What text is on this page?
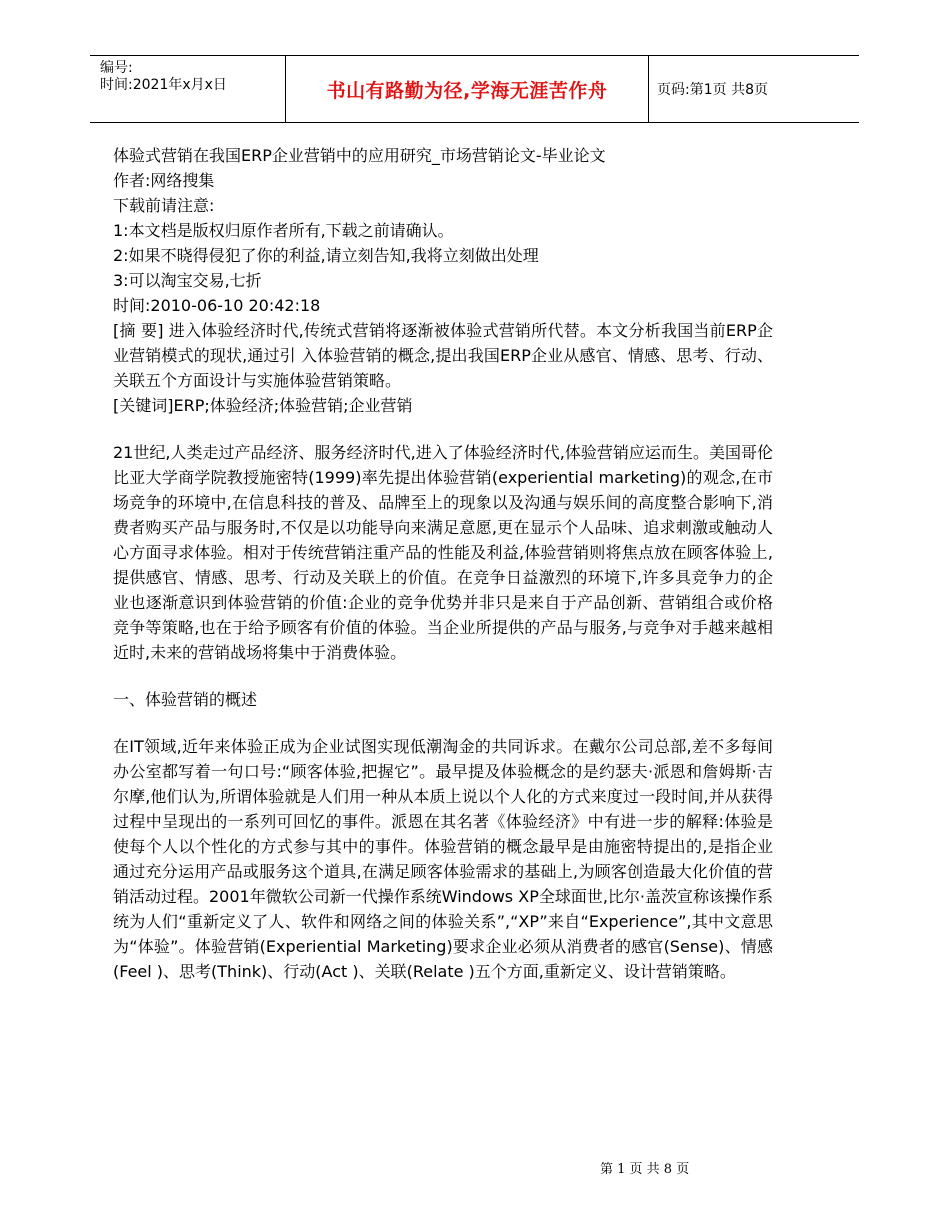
编号:
时间:2021年x月x日	书山有路勤为径,学海无涯苦作舟	页码:第1页 共8页

体验式营销在我国ERP企业营销中的应用研究_市场营销论文-毕业论文

作者:网络搜集

下载前请注意:

1:本文档是版权归原作者所有,下载之前请确认。

2:如果不晓得侵犯了你的利益,请立刻告知,我将立刻做出处理

3:可以淘宝交易,七折

时间:2010-06-10 20:42:18

[摘 要] 进入体验经济时代,传统式营销将逐渐被体验式营销所代替。本文分析我国当前ERP企业营销模式的现状,通过引 入体验营销的概念,提出我国ERP企业从感官、情感、思考、行动、关联五个方面设计与实施体验营销策略。

[关键词]ERP;体验经济;体验营销;企业营销

21世纪,人类走过产品经济、服务经济时代,进入了体验经济时代,体验营销应运而生。美国哥伦比亚大学商学院教授施密特(1999)率先提出体验营销(experiential marketing)的观念,在市场竞争的环境中,在信息科技的普及、品牌至上的现象以及沟通与娱乐间的高度整合影响下,消费者购买产品与服务时,不仅是以功能导向来满足意愿,更在显示个人品味、追求刺激或触动人心方面寻求体验。相对于传统营销注重产品的性能及利益,体验营销则将焦点放在顾客体验上,提供感官、情感、思考、行动及关联上的价值。在竞争日益激烈的环境下,许多具竞争力的企业也逐渐意识到体验营销的价值:企业的竞争优势并非只是来自于产品创新、营销组合或价格竞争等策略,也在于给予顾客有价值的体验。当企业所提供的产品与服务,与竞争对手越来越相近时,未来的营销战场将集中于消费体验。

一、体验营销的概述

在IT领域,近年来体验正成为企业试图实现低潮淘金的共同诉求。在戴尔公司总部,差不多每间办公室都写着一句口号:“顾客体验,把握它”。最早提及体验概念的是约瑟夫·派恩和詹姆斯·吉尔摩,他们认为,所谓体验就是人们用一种从本质上说以个人化的方式来度过一段时间,并从获得过程中呈现出的一系列可回忆的事件。派恩在其名著《体验经济》中有进一步的解释:体验是使每个人以个性化的方式参与其中的事件。体验营销的概念最早是由施密特提出的,是指企业通过充分运用产品或服务这个道具,在满足顾客体验需求的基础上,为顾客创造最大化价值的营销活动过程。2001年微软公司新一代操作系统Windows XP全球面世,比尔·盖茨宣称该操作系统为人们“重新定义了人、软件和网络之间的体验关系”,“XP”来自“Experience”,其中文意思为“体验”。体验营销(Experiential Marketing)要求企业必须从消费者的感官(Sense)、情感(Feel )、思考(Think)、行动(Act )、关联(Relate )五个方面,重新定义、设计营销策略。

第 1 页 共 8 页
